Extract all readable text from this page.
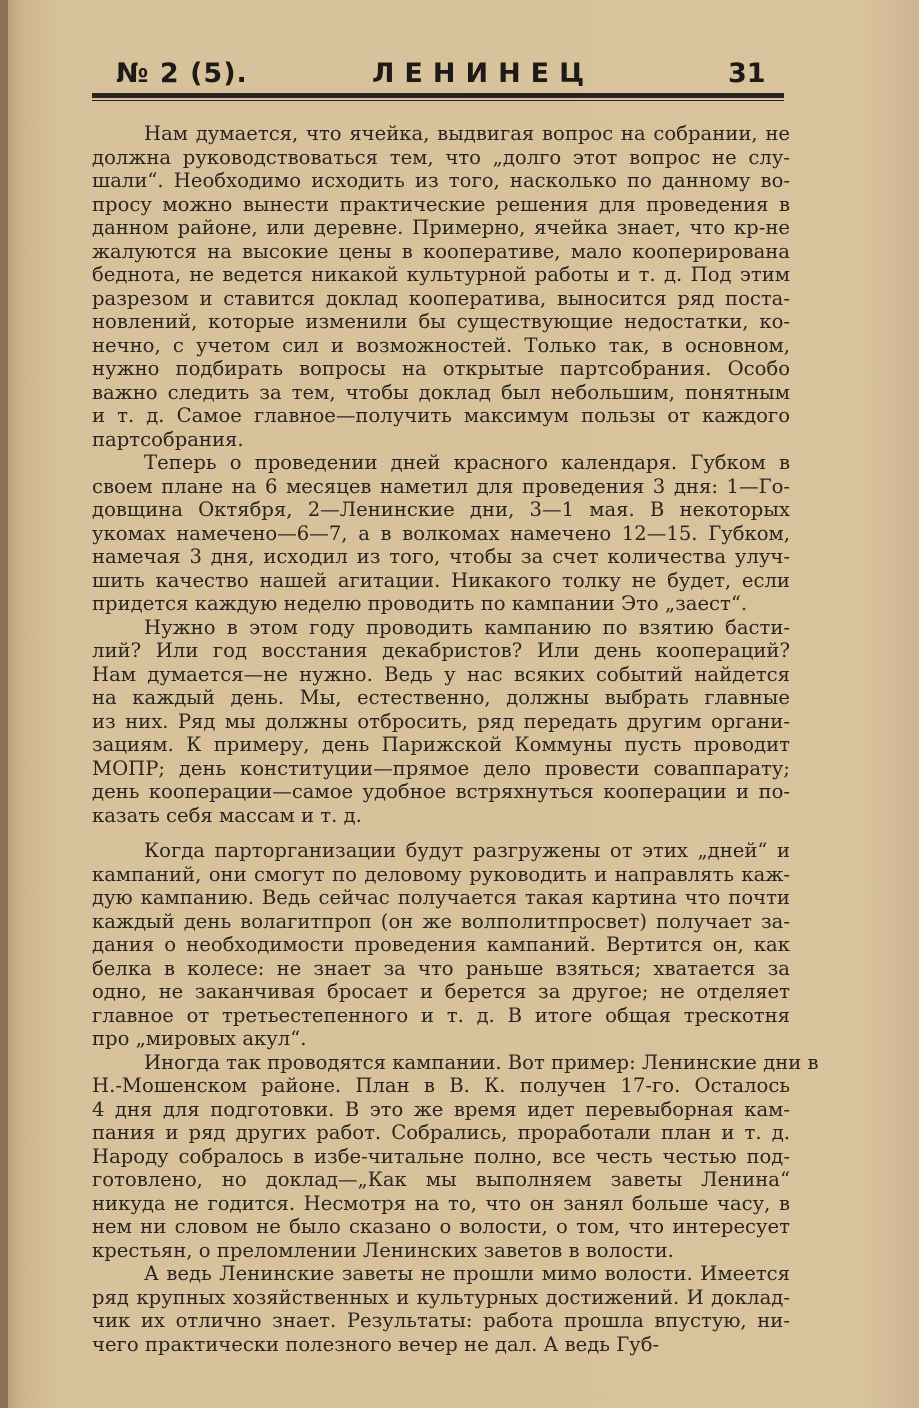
№ 2 (5).	ЛЕНИНЕЦ	31
Нам думается, что ячейка, выдвигая вопрос на собрании, не
должна руководствоваться тем, что „долго этот вопрос не слу-
шали“. Необходимо исходить из того, насколько по данному во-
просу можно вынести практические решения для проведения в
данном районе, или деревне. Примерно, ячейка знает, что кр-не
жалуются на высокие цены в кооперативе, мало кооперирована
беднота, не ведется никакой культурной работы и т. д. Под этим
разрезом и ставится доклад кооператива, выносится ряд поста-
новлений, которые изменили бы существующие недостатки, ко-
нечно, с учетом сил и возможностей. Только так, в основном,
нужно подбирать вопросы на открытые партсобрания. Особо
важно следить за тем, чтобы доклад был небольшим, понятным
и т. д. Самое главное—получить максимум пользы от каждого
партсобрания.
Теперь о проведении дней красного календаря. Губком в
своем плане на 6 месяцев наметил для проведения 3 дня: 1—Го-
довщина Октября, 2—Ленинские дни, 3—1 мая. В некоторых
укомах намечено—6—7, а в волкомах намечено 12—15. Губком,
намечая 3 дня, исходил из того, чтобы за счет количества улуч-
шить качество нашей агитации. Никакого толку не будет, если
придется каждую неделю проводить по кампании Это „заест“.
Нужно в этом году проводить кампанию по взятию басти-
лий? Или год восстания декабристов? Или день коопераций?
Нам думается—не нужно. Ведь у нас всяких событий найдется
на каждый день. Мы, естественно, должны выбрать главные
из них. Ряд мы должны отбросить, ряд передать другим органи-
зациям. К примеру, день Парижской Коммуны пусть проводит
МОПР; день конституции—прямое дело провести соваппарату;
день кооперации—самое удобное встряхнуться кооперации и по-
казать себя массам и т. д.
Когда парторганизации будут разгружены от этих „дней“ и
кампаний, они смогут по деловому руководить и направлять каж-
дую кампанию. Ведь сейчас получается такая картина что почти
каждый день волагитпроп (он же волполитпросвет) получает за-
дания о необходимости проведения кампаний. Вертится он, как
белка в колесе: не знает за что раньше взяться; хватается за
одно, не заканчивая бросает и берется за другое; не отделяет
главное от третьестепенного и т. д. В итоге общая трескотня
про „мировых акул“.
Иногда так проводятся кампании. Вот пример: Ленинские дни в
Н.-Мошенском районе. План в В. К. получен 17-го. Осталось
4 дня для подготовки. В это же время идет перевыборная кам-
пания и ряд других работ. Собрались, проработали план и т. д.
Народу собралось в избе-читальне полно, все честь честью под-
готовлено, но доклад—„Как мы выполняем заветы Ленина“
никуда не годится. Несмотря на то, что он занял больше часу, в
нем ни словом не было сказано о волости, о том, что интересует
крестьян, о преломлении Ленинских заветов в волости.
А ведь Ленинские заветы не прошли мимо волости. Имеется
ряд крупных хозяйственных и культурных достижений. И доклад-
чик их отлично знает. Результаты: работа прошла впустую, ни-
чего практически полезного вечер не дал. А ведь Губ-
